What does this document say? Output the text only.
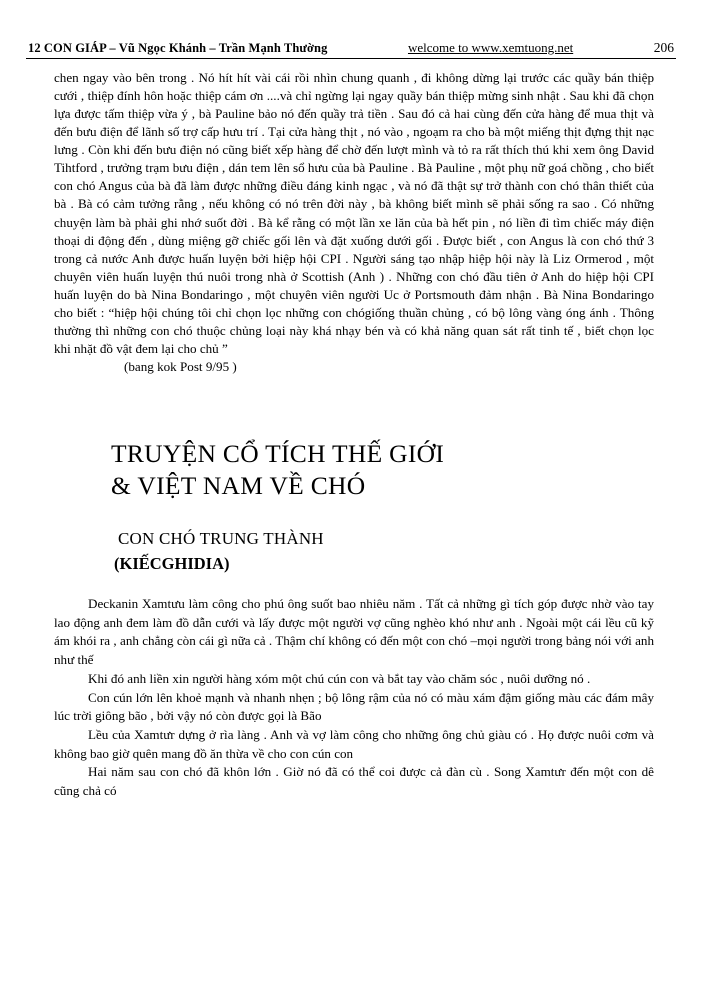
12 CON GIÁP – Vũ Ngọc Khánh – Trần Mạnh Thường	welcome to www.xemtuong.net	206

chen ngay vào bên trong . Nó hít hít vài cái rồi nhìn chung quanh , đi không dừng lại trước các quầy bán thiệp cưới , thiệp đính hôn hoặc thiệp cám ơn ....và chỉ ngừng lại ngay quầy bán thiệp mừng sinh nhật . Sau khi đã chọn lựa được tấm thiệp vừa ý , bà Pauline bảo nó đến quầy trả tiền . Sau đó cả hai cùng đến cửa hàng để mua thịt và đến bưu điện để lãnh số trợ cấp hưu trí . Tại cửa hàng thịt , nó vào , ngoạm ra cho bà một miếng thịt đựng thịt nạc lưng . Còn khi đến bưu điện nó cũng biết xếp hàng để chờ đến lượt mình và tỏ ra rất thích thú khi xem ông David Tihtford , trưởng trạm bưu điện , dán tem lên sổ hưu của bà Pauline . Bà Pauline , một phụ nữ goá chồng , cho biết con chó Angus của bà đã làm được những điều đáng kinh ngạc , và nó đã thật sự trở thành con chó thân thiết của bà . Bà có cảm tưởng rằng , nếu không có nó trên đời này , bà không biết mình sẽ phải sống ra sao . Có những chuyện làm bà phải ghi nhớ suốt đời . Bà kể rằng có một lần xe lăn của bà hết pin , nó liền đi tìm chiếc máy điện thoại di động đến , dùng miệng gỡ chiếc gối lên và đặt xuống dưới gối . Được biết , con Angus là con chó thứ 3 trong cả nước Anh được huấn luyện bởi hiệp hội CPI . Người sáng tạo nhập hiệp hội này là Liz Ormerod , một chuyên viên huấn luyện thú nuôi trong nhà ở Scottish (Anh ) . Những con chó đầu tiên ở Anh do hiệp hội CPI huấn luyện do bà Nina Bondaringo , một chuyên viên người Uc ở Portsmouth đảm nhận . Bà Nina Bondaringo cho biết : “hiệp hội chúng tôi chỉ chọn lọc những con chógiống thuần chủng , có bộ lông vàng óng ánh . Thông thường thì những con chó thuộc chủng loại này khá nhạy bén và có khả năng quan sát rất tinh tế , biết chọn lọc khi nhặt đồ vật đem lại cho chủ ”

(bang kok Post 9/95 )

TRUYỆN CỔ TÍCH THẾ GIỚI

& VIỆT NAM VỀ CHÓ

CON CHÓ TRUNG THÀNH

(KIẾCGHIDIA)

Deckanin Xamtưu làm công cho phú ông suốt bao nhiêu năm . Tất cả những gì tích góp được nhờ vào tay lao động anh đem làm đồ dẫn cưới và lấy được một người vợ cũng nghèo khó như anh . Ngoài một cái lều cũ kỹ ám khói ra , anh chẳng còn cái gì nữa cả . Thậm chí không có đến một con chó –mọi người trong bảng nói với anh như thế

Khi đó anh liền xin người hàng xóm một chú cún con và bắt tay vào chăm sóc , nuôi dưỡng nó .

Con cún lớn lên khoẻ mạnh và nhanh nhẹn ; bộ lông rậm của nó có màu xám đậm giống màu các đám mây lúc trời giông bão , bởi vậy nó còn được gọi là Bão

Lều của Xamtưr dựng ở rìa làng . Anh và vợ làm công cho những ông chủ giàu có . Họ được nuôi cơm và không bao giờ quên mang đồ ăn thừa về cho con cún con

Hai năm sau con chó đã khôn lớn . Giờ nó đã có thể coi được cả đàn cù . Song Xamtưr đến một con dê cũng chả có
